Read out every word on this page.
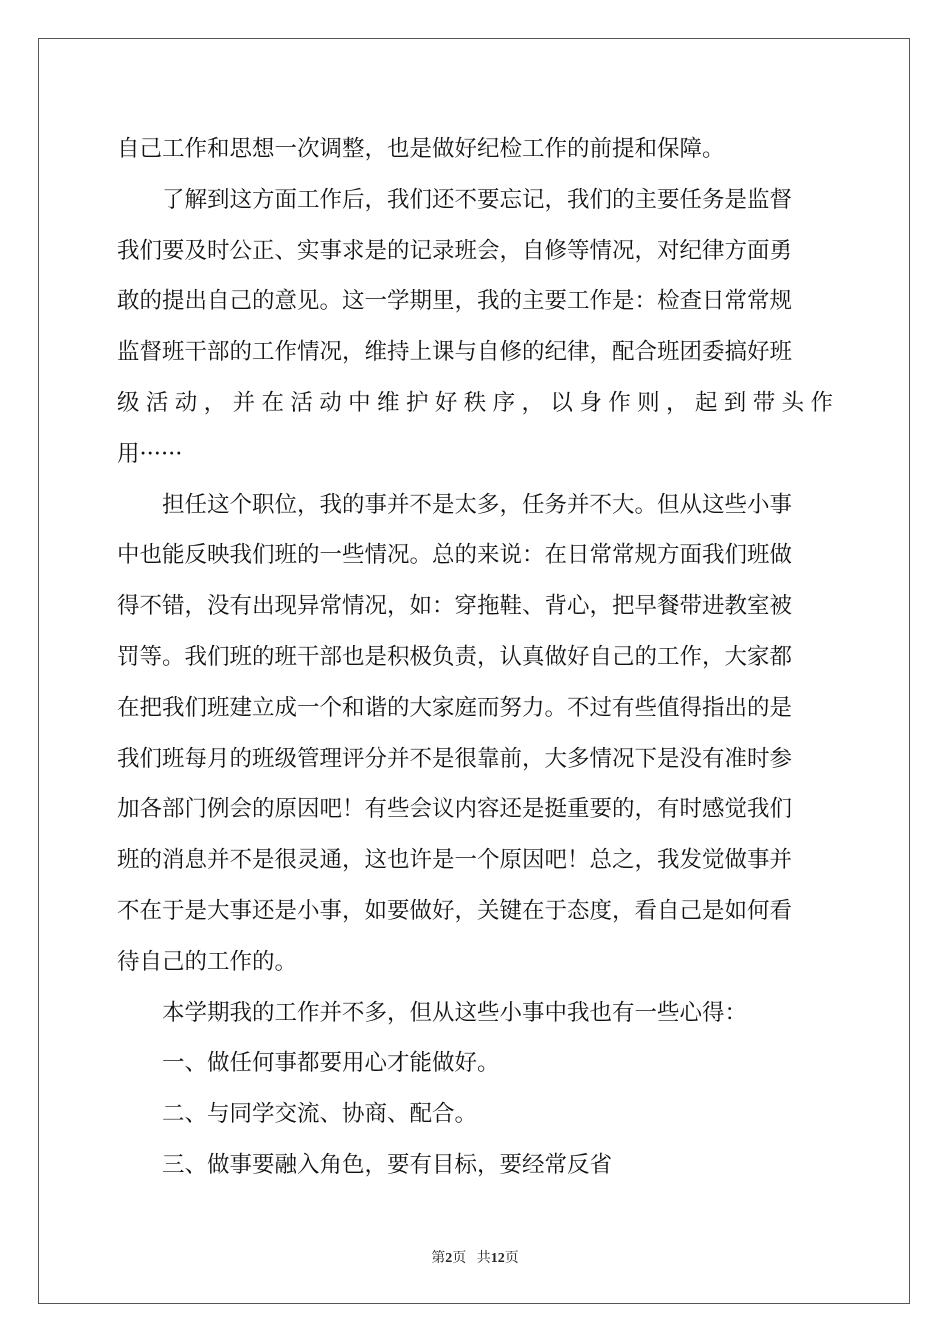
自己工作和思想一次调整，也是做好纪检工作的前提和保障。

了解到这方面工作后，我们还不要忘记，我们的主要任务是监督

我们要及时公正、实事求是的记录班会，自修等情况，对纪律方面勇

敢的提出自己的意见。这一学期里，我的主要工作是：检查日常常规

监督班干部的工作情况，维持上课与自修的纪律，配合班团委搞好班

级活动，并在活动中维护好秩序，以身作则，起到带头作

用······

担任这个职位，我的事并不是太多，任务并不大。但从这些小事

中也能反映我们班的一些情况。总的来说：在日常常规方面我们班做

得不错，没有出现异常情况，如：穿拖鞋、背心，把早餐带进教室被

罚等。我们班的班干部也是积极负责，认真做好自己的工作，大家都

在把我们班建立成一个和谐的大家庭而努力。不过有些值得指出的是

我们班每月的班级管理评分并不是很靠前，大多情况下是没有准时参

加各部门例会的原因吧！有些会议内容还是挺重要的，有时感觉我们

班的消息并不是很灵通，这也许是一个原因吧！总之，我发觉做事并

不在于是大事还是小事，如要做好，关键在于态度，看自己是如何看

待自己的工作的。

本学期我的工作并不多，但从这些小事中我也有一些心得：

一、做任何事都要用心才能做好。

二、与同学交流、协商、配合。

三、做事要融入角色，要有目标，要经常反省

第2页 共12页
